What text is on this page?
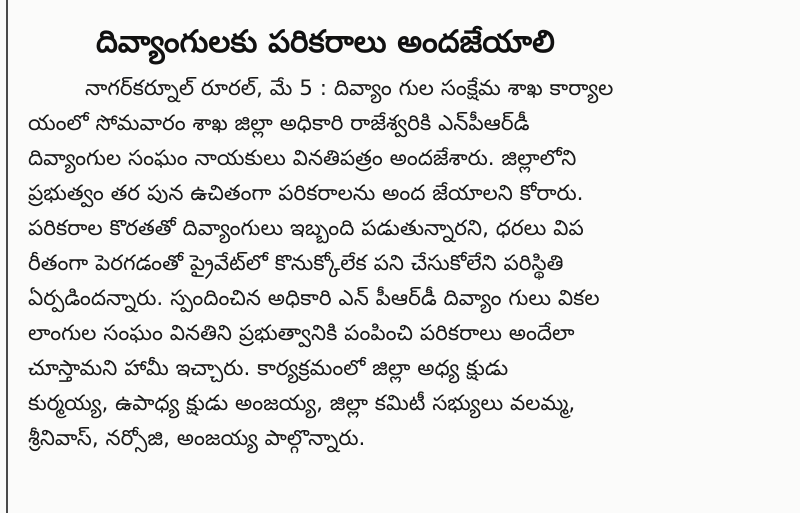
దివ్యాంగులకు పరికరాలు అందజేయాలి
నాగర్‌కర్నూల్ రూరల్, మే 5 : దివ్యాం గుల సంక్షేమ శాఖ కార్యాల
యంలో సోమవారం శాఖ జిల్లా అధికారి రాజేశ్వరికి ఎన్‌పీఆర్‌డీ
దివ్యాంగుల సంఘం నాయకులు వినతిపత్రం అందజేశారు. జిల్లాలోని
ప్రభుత్వం తర పున ఉచితంగా పరికరాలను అంద జేయాలని కోరారు.
పరికరాల కొరతతో దివ్యాంగులు ఇబ్బంది పడుతున్నారని, ధరలు విప
రీతంగా పెరగడంతో ప్రైవేట్‌లో కొనుక్కోలేక పని చేసుకోలేని పరిస్థితి
ఏర్పడిందన్నారు. స్పందించిన అధికారి ఎన్ పీఆర్‌డీ దివ్యాం గులు వికల
లాంగుల సంఘం వినతిని ప్రభుత్వానికి పంపించి పరికరాలు అందేలా
చూస్తామని హామీ ఇచ్చారు. కార్యక్రమంలో జిల్లా అధ్య క్షుడు
కుర్మయ్య, ఉపాధ్య క్షుడు అంజయ్య, జిల్లా కమిటీ సభ్యులు వలమ్మ,
శ్రీనివాస్, నర్సోజి, అంజయ్య పాల్గొన్నారు.
